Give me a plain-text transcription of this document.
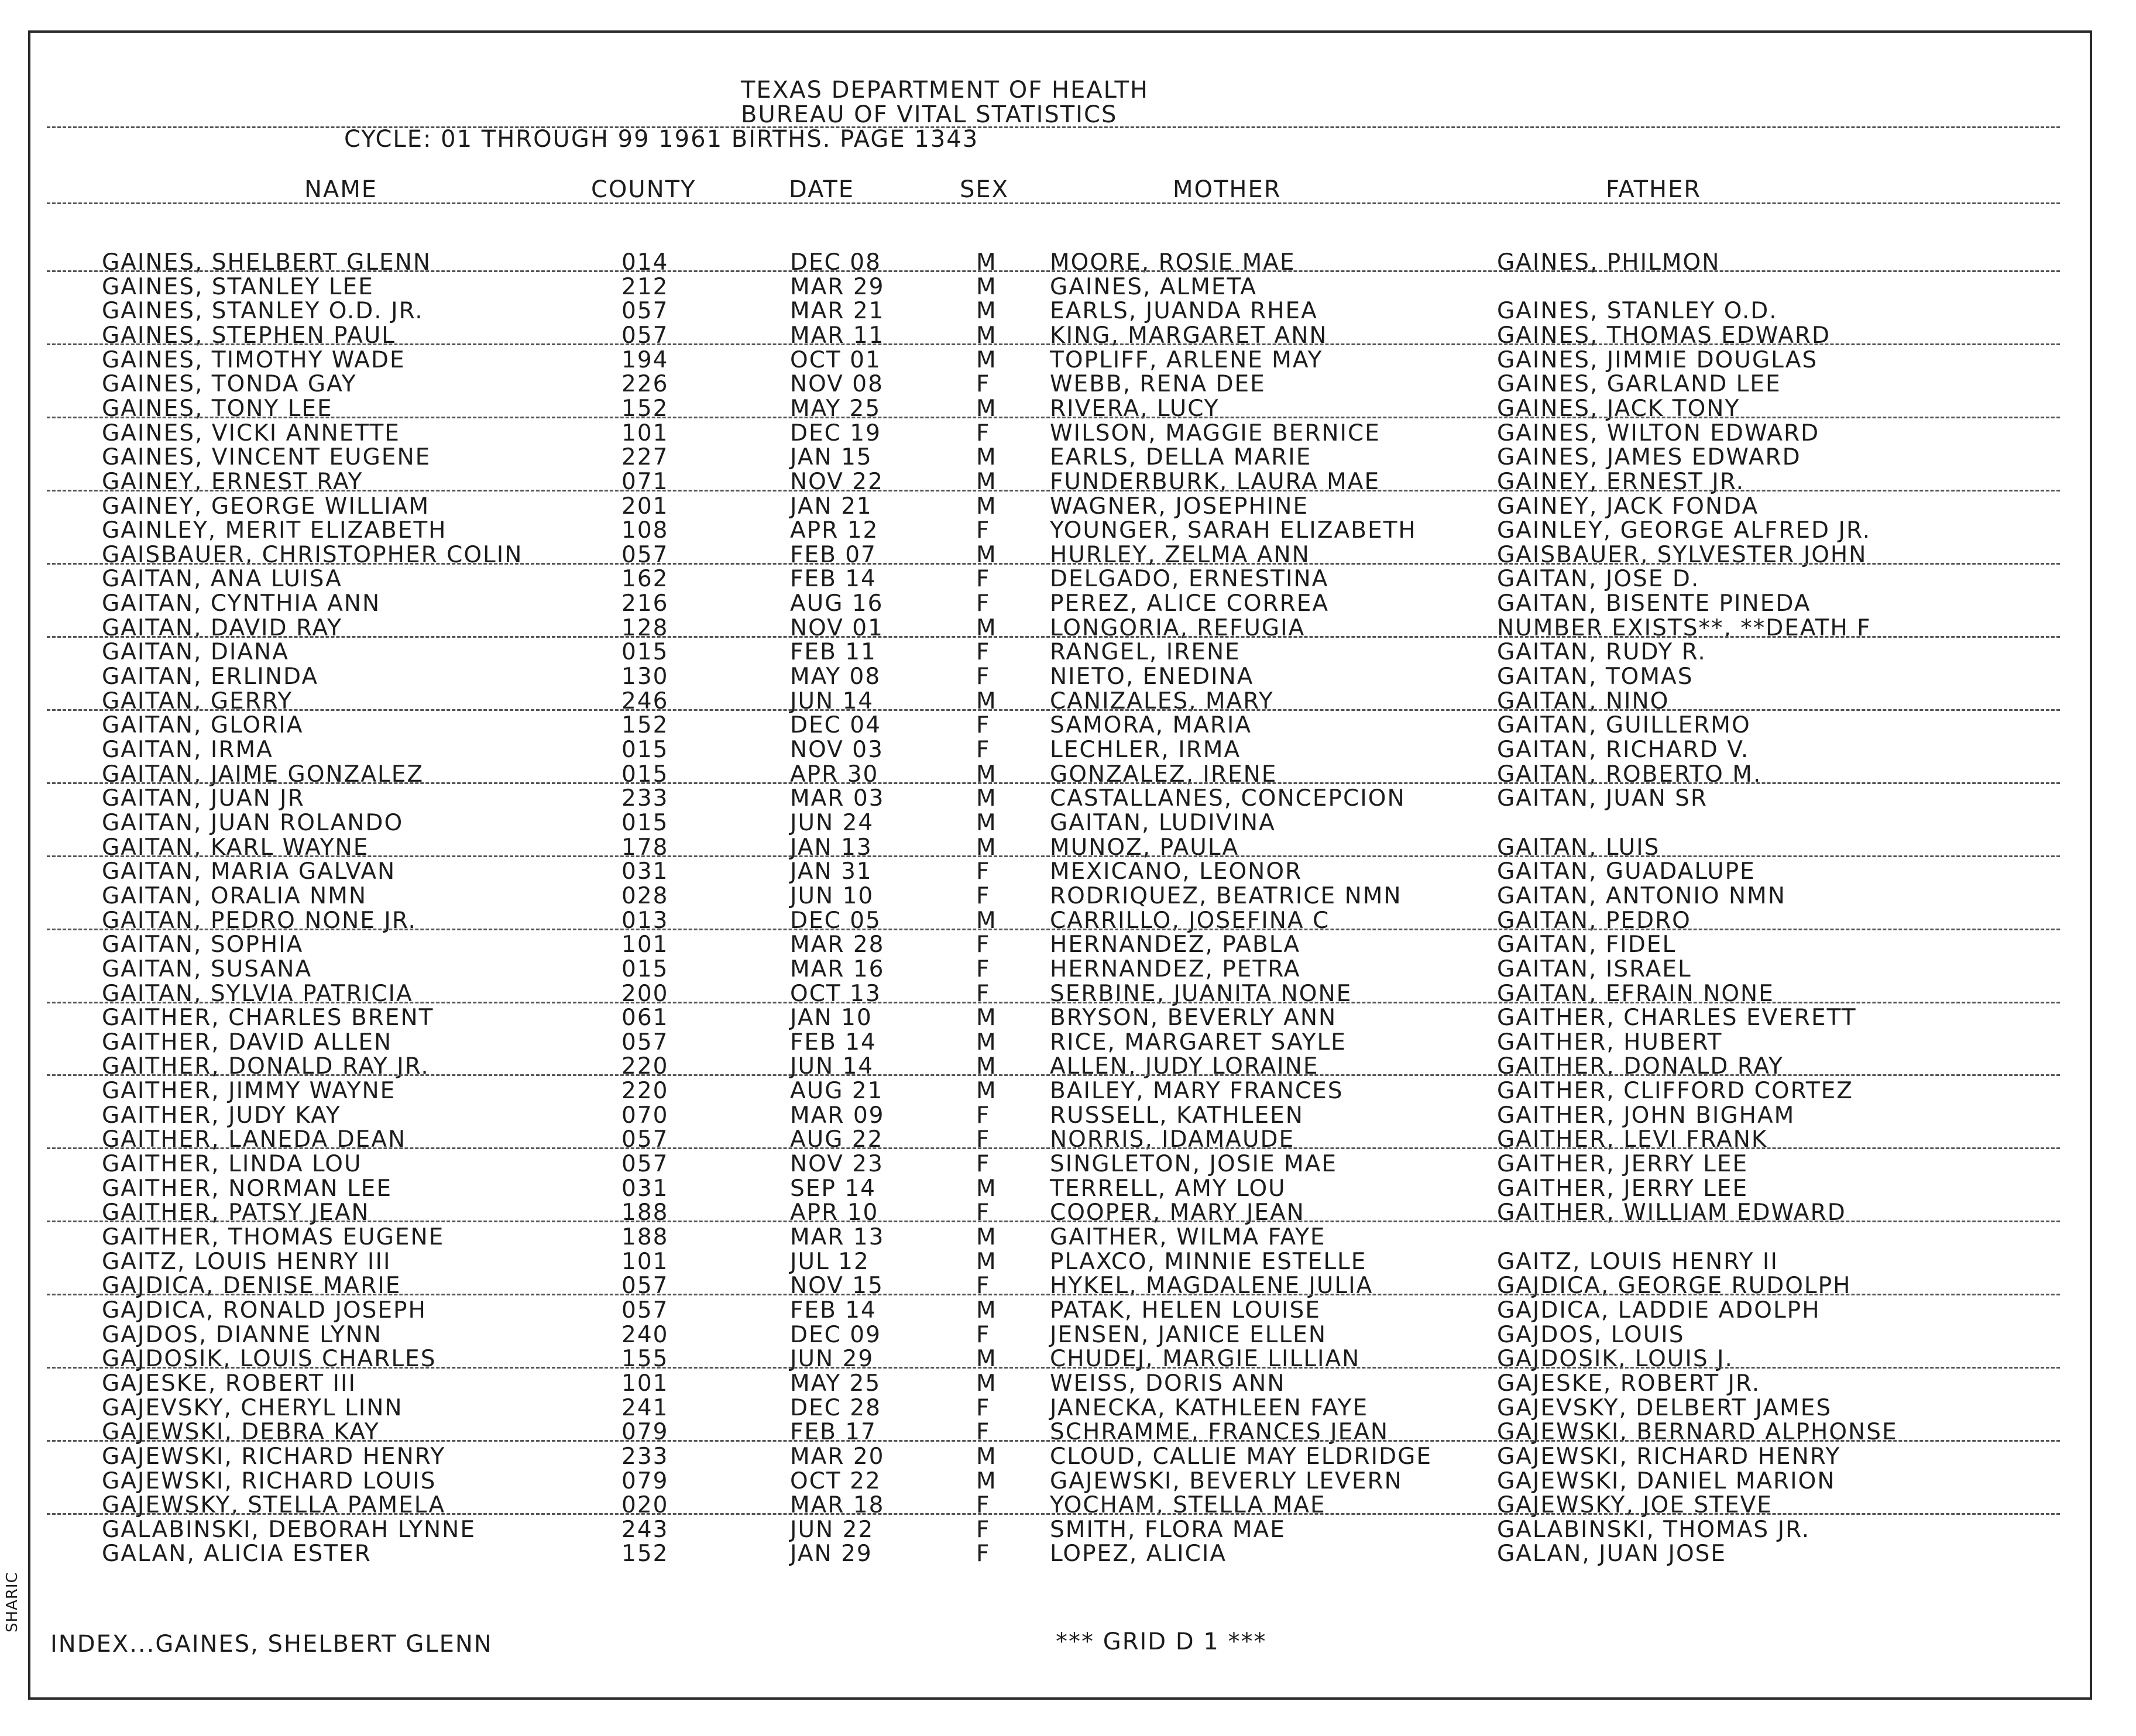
SHARIC
TEXAS DEPARTMENT OF HEALTH
BUREAU OF VITAL STATISTICS
CYCLE: 01 THROUGH 99 1961 BIRTHS. PAGE 1343
NAME	COUNTY	DATE	SEX	MOTHER	FATHER
GAINES, SHELBERT GLENN	014	DEC 08	M MOORE, ROSIE MAE	GAINES, PHILMON
GAINES, STANLEY LEE	212	MAR 29	M GAINES, ALMETA
GAINES, STANLEY O.D. JR.	057	MAR 21	M EARLS, JUANDA RHEA	GAINES, STANLEY O.D.
GAINES, STEPHEN PAUL	057	MAR 11	M KING, MARGARET ANN	GAINES, THOMAS EDWARD
GAINES, TIMOTHY WADE	194	OCT 01	M TOPLIFF, ARLENE MAY	GAINES, JIMMIE DOUGLAS
GAINES, TONDA GAY	226	NOV 08	F	WEBB, RENA DEE	GAINES, GARLAND LEE
GAINES, TONY LEE	152	MAY 25	M RIVERA, LUCY	GAINES, JACK TONY
GAINES, VICKI ANNETTE	101	DEC 19	F	WILSON, MAGGIE BERNICE	GAINES, WILTON EDWARD
GAINES, VINCENT EUGENE	227	JAN 15	M EARLS, DELLA MARIE	GAINES, JAMES EDWARD
GAINEY, ERNEST RAY	071	NOV 22	M FUNDERBURK, LAURA MAE	GAINEY, ERNEST JR.
GAINEY, GEORGE WILLIAM	201	JAN 21	M WAGNER, JOSEPHINE	GAINEY, JACK FONDA
GAINLEY, MERIT ELIZABETH	108	APR 12	F	YOUNGER, SARAH ELIZABETH	GAINLEY, GEORGE ALFRED JR.
GAISBAUER, CHRISTOPHER COLIN	057	FEB 07	M HURLEY, ZELMA ANN	GAISBAUER, SYLVESTER JOHN
GAITAN, ANA LUISA	162	FEB 14	F	DELGADO, ERNESTINA	GAITAN, JOSE D.
GAITAN, CYNTHIA ANN	216	AUG 16	F	PEREZ, ALICE CORREA	GAITAN, BISENTE PINEDA
GAITAN, DAVID RAY	128	NOV 01	M LONGORIA, REFUGIA	NUMBER EXISTS**, **DEATH F
GAITAN, DIANA	015	FEB 11	F	RANGEL, IRENE	GAITAN, RUDY R.
GAITAN, ERLINDA	130	MAY 08	F	NIETO, ENEDINA	GAITAN, TOMAS
GAITAN, GERRY	246	JUN 14	M CANIZALES, MARY	GAITAN, NINO
GAITAN, GLORIA	152	DEC 04	F	SAMORA, MARIA	GAITAN, GUILLERMO
GAITAN, IRMA	015	NOV 03	F	LECHLER, IRMA	GAITAN, RICHARD V.
GAITAN, JAIME GONZALEZ	015	APR 30	M GONZALEZ, IRENE	GAITAN, ROBERTO M.
GAITAN, JUAN JR	233	MAR 03	M CASTALLANES, CONCEPCION	GAITAN, JUAN SR
GAITAN, JUAN ROLANDO	015	JUN 24	M GAITAN, LUDIVINA
GAITAN, KARL WAYNE	178	JAN 13	M MUNOZ, PAULA	GAITAN, LUIS
GAITAN, MARIA GALVAN	031	JAN 31	F	MEXICANO, LEONOR	GAITAN, GUADALUPE
GAITAN, ORALIA NMN	028	JUN 10	F	RODRIQUEZ, BEATRICE NMN	GAITAN, ANTONIO NMN
GAITAN, PEDRO NONE JR.	013	DEC 05	M CARRILLO, JOSEFINA C	GAITAN, PEDRO
GAITAN, SOPHIA	101	MAR 28	F	HERNANDEZ, PABLA	GAITAN, FIDEL
GAITAN, SUSANA	015	MAR 16	F	HERNANDEZ, PETRA	GAITAN, ISRAEL
GAITAN, SYLVIA PATRICIA	200	OCT 13	F	SERBINE, JUANITA NONE	GAITAN, EFRAIN NONE
GAITHER, CHARLES BRENT	061	JAN 10	M BRYSON, BEVERLY ANN	GAITHER, CHARLES EVERETT
GAITHER, DAVID ALLEN	057	FEB 14	M RICE, MARGARET SAYLE	GAITHER, HUBERT
GAITHER, DONALD RAY JR.	220	JUN 14	M ALLEN, JUDY LORAINE	GAITHER, DONALD RAY
GAITHER, JIMMY WAYNE	220	AUG 21	M BAILEY, MARY FRANCES	GAITHER, CLIFFORD CORTEZ
GAITHER, JUDY KAY	070	MAR 09	F	RUSSELL, KATHLEEN	GAITHER, JOHN BIGHAM
GAITHER, LANEDA DEAN	057	AUG 22	F	NORRIS, IDAMAUDE	GAITHER, LEVI FRANK
GAITHER, LINDA LOU	057	NOV 23	F	SINGLETON, JOSIE MAE	GAITHER, JERRY LEE
GAITHER, NORMAN LEE	031	SEP 14	M TERRELL, AMY LOU	GAITHER, JERRY LEE
GAITHER, PATSY JEAN	188	APR 10	F	COOPER, MARY JEAN	GAITHER, WILLIAM EDWARD
GAITHER, THOMAS EUGENE	188	MAR 13	M GAITHER, WILMA FAYE
GAITZ, LOUIS HENRY III	101	JUL 12	M PLAXCO, MINNIE ESTELLE	GAITZ, LOUIS HENRY II
GAJDICA, DENISE MARIE	057	NOV 15	F	HYKEL, MAGDALENE JULIA	GAJDICA, GEORGE RUDOLPH
GAJDICA, RONALD JOSEPH	057	FEB 14	M PATAK, HELEN LOUISE	GAJDICA, LADDIE ADOLPH
GAJDOS, DIANNE LYNN	240	DEC 09	F	JENSEN, JANICE ELLEN	GAJDOS, LOUIS
GAJDOSIK, LOUIS CHARLES	155	JUN 29	M CHUDEJ, MARGIE LILLIAN	GAJDOSIK, LOUIS J.
GAJESKE, ROBERT III	101	MAY 25	M WEISS, DORIS ANN	GAJESKE, ROBERT JR.
GAJEVSKY, CHERYL LINN	241	DEC 28	F	JANECKA, KATHLEEN FAYE	GAJEVSKY, DELBERT JAMES
GAJEWSKI, DEBRA KAY	079	FEB 17	F	SCHRAMME, FRANCES JEAN	GAJEWSKI, BERNARD ALPHONSE
GAJEWSKI, RICHARD HENRY	233	MAR 20	M CLOUD, CALLIE MAY ELDRIDGE	GAJEWSKI, RICHARD HENRY
GAJEWSKI, RICHARD LOUIS	079	OCT 22	M GAJEWSKI, BEVERLY LEVERN	GAJEWSKI, DANIEL MARION
GAJEWSKY, STELLA PAMELA	020	MAR 18	F	YOCHAM, STELLA MAE	GAJEWSKY, JOE STEVE
GALABINSKI, DEBORAH LYNNE	243	JUN 22	F	SMITH, FLORA MAE	GALABINSKI, THOMAS JR.
GALAN, ALICIA ESTER	152	JAN 29	F	LOPEZ, ALICIA	GALAN, JUAN JOSE
INDEX...GAINES, SHELBERT GLENN	*** GRID D 1 ***
